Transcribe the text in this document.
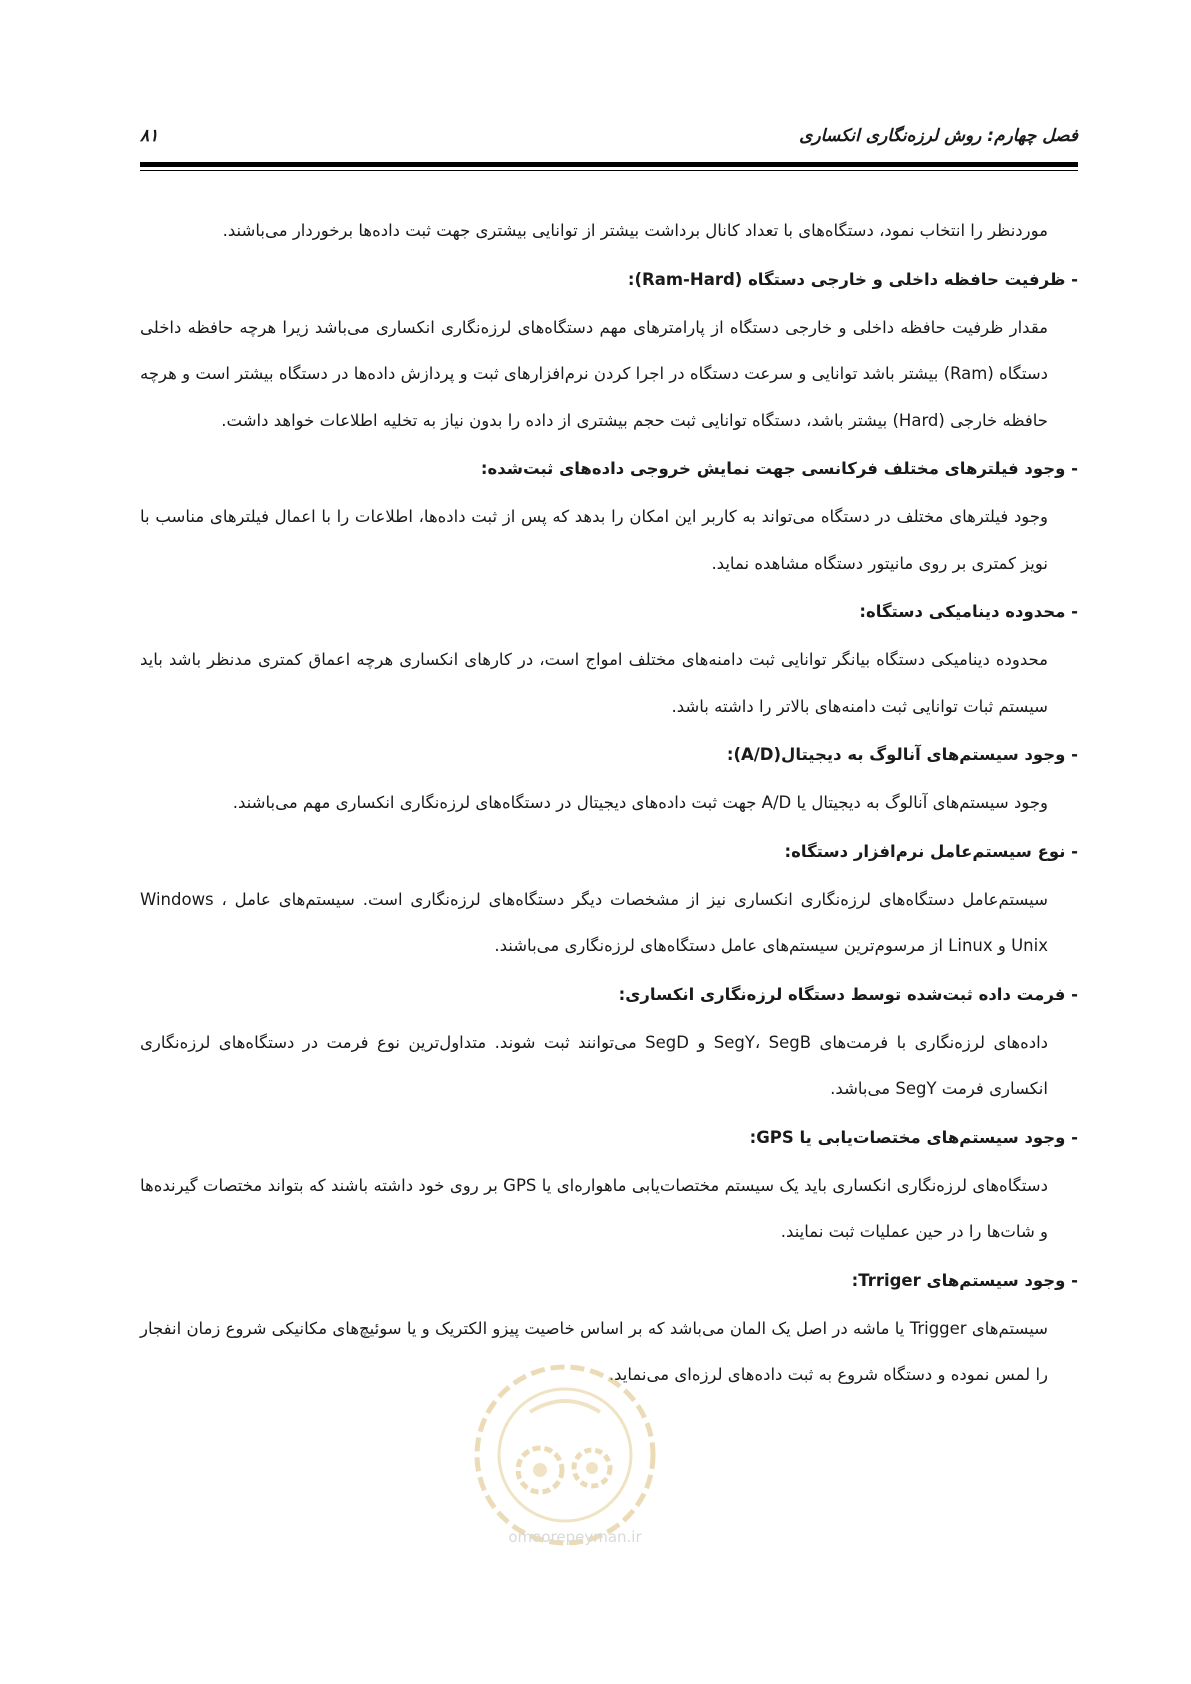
فصل چهارم: روش لرزه‌نگاری انکساری
۸۱

موردنظر را انتخاب نمود، دستگاه‌های با تعداد کانال برداشت بیشتر از توانایی بیشتری جهت ثبت داده‌ها برخوردار می‌باشند.

- ظرفیت حافظه داخلی و خارجی دستگاه (Ram-Hard):

مقدار ظرفیت حافظه داخلی و خارجی دستگاه از پارامترهای مهم دستگاه‌های لرزه‌نگاری انکساری می‌باشد زیرا هرچه حافظه داخلی دستگاه (Ram) بیشتر باشد توانایی و سرعت دستگاه در اجرا کردن نرم‌افزارهای ثبت و پردازش داده‌ها در دستگاه بیشتر است و هرچه حافظه خارجی (Hard) بیشتر باشد، دستگاه توانایی ثبت حجم بیشتری از داده را بدون نیاز به تخلیه اطلاعات خواهد داشت.

- وجود فیلترهای مختلف فرکانسی جهت نمایش خروجی داده‌های ثبت‌شده:

وجود فیلترهای مختلف در دستگاه می‌تواند به کاربر این امکان را بدهد که پس از ثبت داده‌ها، اطلاعات را با اعمال فیلترهای مناسب با نویز کمتری بر روی مانیتور دستگاه مشاهده نماید.

- محدوده دینامیکی دستگاه:

محدوده دینامیکی دستگاه بیانگر توانایی ثبت دامنه‌های مختلف امواج است، در کارهای انکساری هرچه اعماق کمتری مدنظر باشد باید سیستم ثبات توانایی ثبت دامنه‌های بالاتر را داشته باشد.

- وجود سیستم‌های آنالوگ به دیجیتال(A/D):

وجود سیستم‌های آنالوگ به دیجیتال یا A/D جهت ثبت داده‌های دیجیتال در دستگاه‌های لرزه‌نگاری انکساری مهم می‌باشند.

- نوع سیستم‌عامل نرم‌افزار دستگاه:

سیستم‌عامل دستگاه‌های لرزه‌نگاری انکساری نیز از مشخصات دیگر دستگاه‌های لرزه‌نگاری است. سیستم‌های عامل Windows ، Unix و Linux از مرسوم‌ترین سیستم‌های عامل دستگاه‌های لرزه‌نگاری می‌باشند.

- فرمت داده ثبت‌شده توسط دستگاه لرزه‌نگاری انکساری:

داده‌های لرزه‌نگاری با فرمت‌های SegY، SegB و SegD می‌توانند ثبت شوند. متداول‌ترین نوع فرمت در دستگاه‌های لرزه‌نگاری انکساری فرمت SegY می‌باشد.

- وجود سیستم‌های مختصات‌یابی یا GPS:

دستگاه‌های لرزه‌نگاری انکساری باید یک سیستم مختصات‌یابی ماهواره‌ای یا GPS بر روی خود داشته باشند که بتواند مختصات گیرنده‌ها و شات‌ها را در حین عملیات ثبت نمایند.

- وجود سیستم‌های Trriger:

سیستم‌های Trigger یا ماشه در اصل یک المان می‌باشد که بر اساس خاصیت پیزو الکتریک و یا سوئیچ‌های مکانیکی شروع زمان انفجار را لمس نموده و دستگاه شروع به ثبت داده‌های لرزه‌ای می‌نماید.

omoorepeyman.ir
